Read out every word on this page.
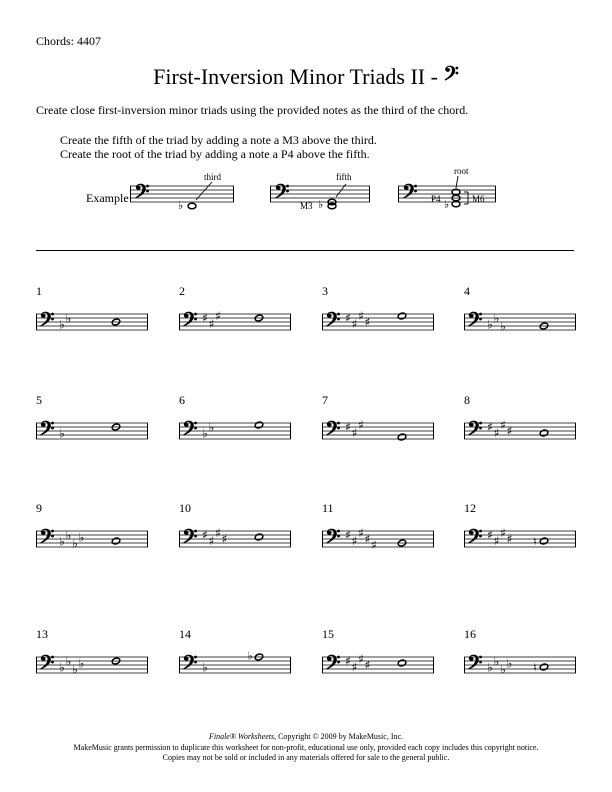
Chords: 4407
First-Inversion Minor Triads II - 𝄢
Create close first-inversion minor triads using the provided notes as the third of the chord.
Create the fifth of the triad by adding a note a M3 above the third.
Create the root of the triad by adding a note a P4 above the fifth.
Example 𝄢	♭
third
𝄢 M3 ♭
fifth
𝄢 P4 ♭	M6
root
1
𝄢 ♭ ♭
2
𝄢 ♯ ♯
♯
3
𝄢 ♯ ♯
♯ ♯
4
𝄢 ♭ ♭
♭
5
𝄢 ♭
6
𝄢 ♭ ♭
7
𝄢 ♯ ♯
♯
8
𝄢 ♯ ♯
♯ ♯
9
𝄢 ♭ ♭
♭ ♭
10
𝄢 ♯ ♯
♯ ♯
11
𝄢 ♯ ♯
♯ ♯ ♯
12
𝄢 ♯ ♯
♯ ♯ ♮
13
𝄢 ♭ ♭
♭ ♭
14
𝄢 ♭
♭
15
𝄢 ♯ ♯
♯ ♯
16
𝄢 ♭ ♭
♭ ♭ ♮
Finale® Worksheets, Copyright © 2009 by MakeMusic, Inc.
MakeMusic grants permission to duplicate this worksheet for non-profit, educational use only, provided each copy includes this copyright notice.
Copies may not be sold or included in any materials offered for sale to the general public.
